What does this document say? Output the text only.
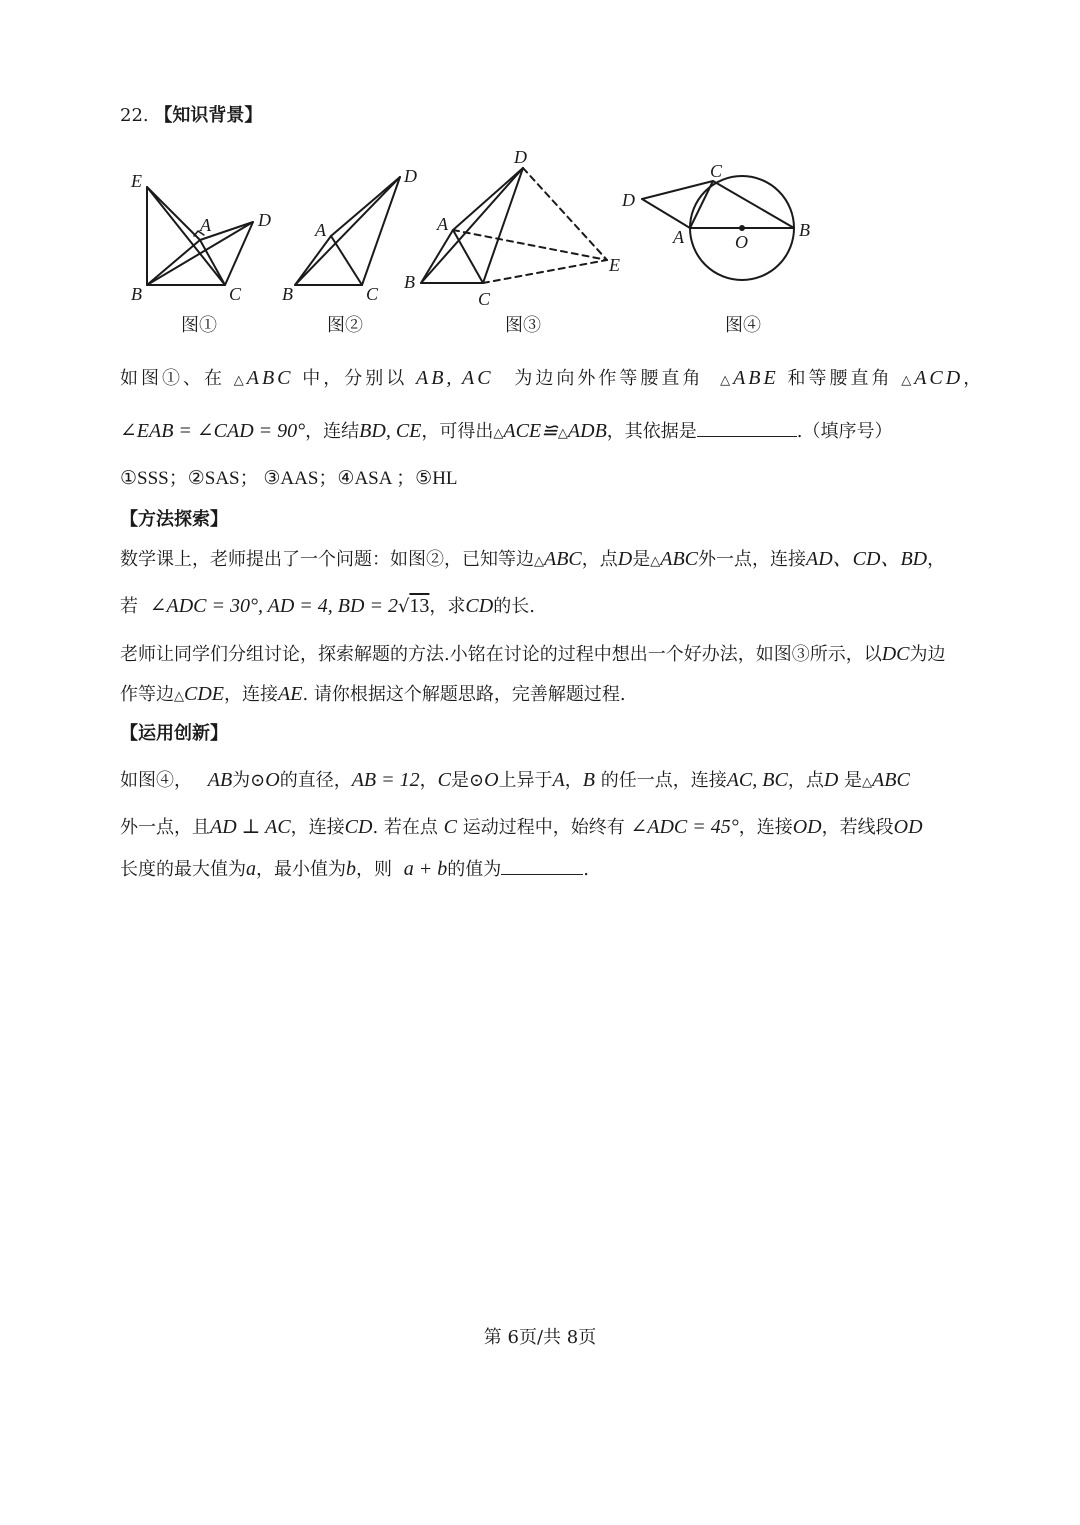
22. 【知识背景】
E
A	D
B	C
A
D
B	C
D
A
E
B
C
C
D
A	O
B
图①	图②	图③	图④
如图①、在 △ABC 中，分别以 AB, AC 为边向外作等腰直角 △ABE 和等腰直角 △ACD，
∠EAB = ∠CAD = 90°，连结BD, CE，可得出△ACE≌△ADB，其依据是	.（填序号）
①SSS；②SAS； ③AAS；④ASA ；⑤HL
【方法探索】
数学课上，老师提出了一个问题：如图②，已知等边△ABC，点D是△ABC外一点，连接AD、CD、BD，
若 ∠ADC = 30°, AD = 4, BD = 2√13，求CD的长.
老师让同学们分组讨论，探索解题的方法.小铭在讨论的过程中想出一个好办法，如图③所示，以DC为边
作等边△CDE，连接AE. 请你根据这个解题思路，完善解题过程.
【运用创新】
如图④， AB为⊙O的直径，AB = 12，C是⊙O上异于A，B 的任一点，连接AC, BC，点D 是△ABC
外一点，且AD ⊥ AC，连接CD. 若在点 C 运动过程中，始终有 ∠ADC = 45°，连接OD，若线段OD
长度的最大值为a，最小值为b，则 a + b的值为	.
第 6页/共 8页
